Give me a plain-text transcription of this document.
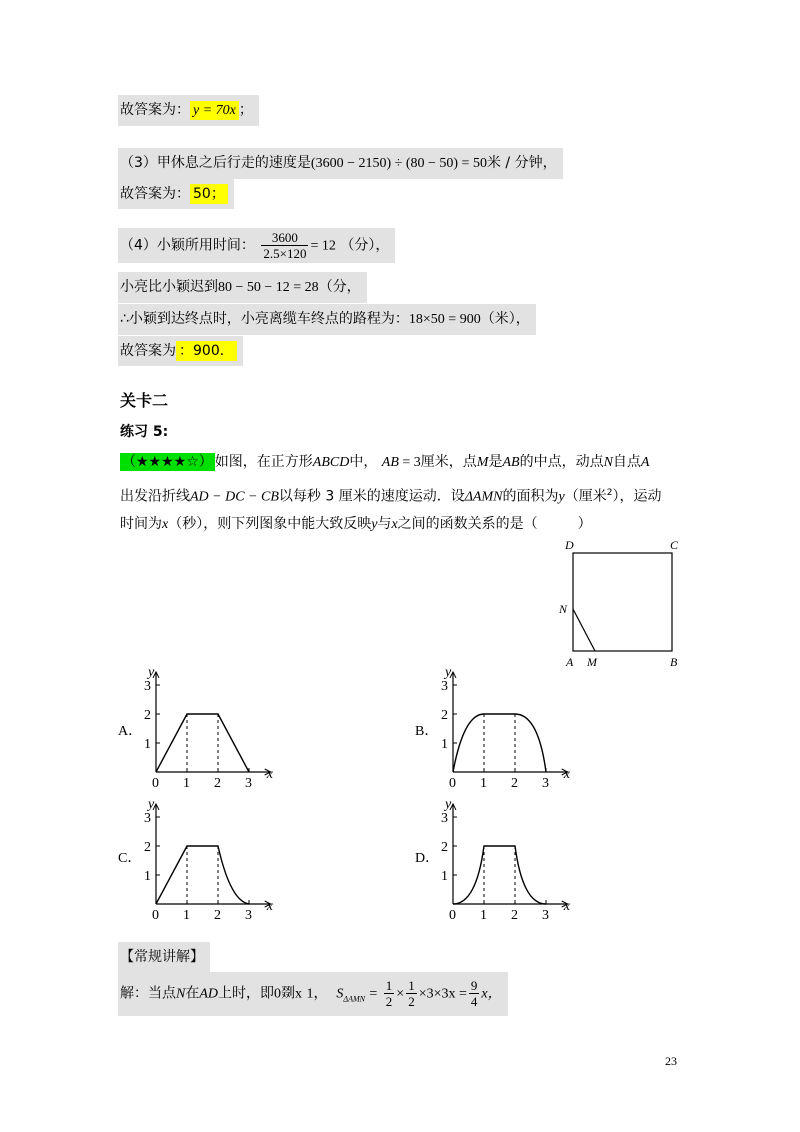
故答案为： y = 70x ；
（3）甲休息之后行走的速度是(3600 − 2150) ÷ (80 − 50) = 50米 / 分钟，
故答案为： 50；
（4）小颖所用时间： $\frac{3600}{2.5\times 120} = 12$ （分），
小亮比小颖迟到80 − 50 − 12 = 28（分，
∴小颖到达终点时，小亮离缆车终点的路程为：18×50 = 900（米），
故答案为 ：900．
关卡二
练习 5:
（★★★★☆） 如图，在正方形ABCD中， AB = 3厘米，点M是AB的中点，动点N自点A
出发沿折线AD − DC − CB以每秒 3 厘米的速度运动．设ΔAMN的面积为y（厘米$^2$），运动
时间为x（秒），则下列图象中能大致反映y与x之间的函数关系的是（	）
D	C
N
A M	B
A．
0 1 2 3
1
2
3
x
y
B．
0 1 2 3
1
2
3
x
y
C．
0 1 2 3
1
2
3
x
y
D．
0 1 2 3
1
2
3
x
y
【常规讲解】
解：当点N在AD上时，即0剟x 1， $S_{\Delta AMN} = \frac{1}{2} \times \frac{1}{2} \times 3\times 3x = \frac{9}{4}$ x，
23
